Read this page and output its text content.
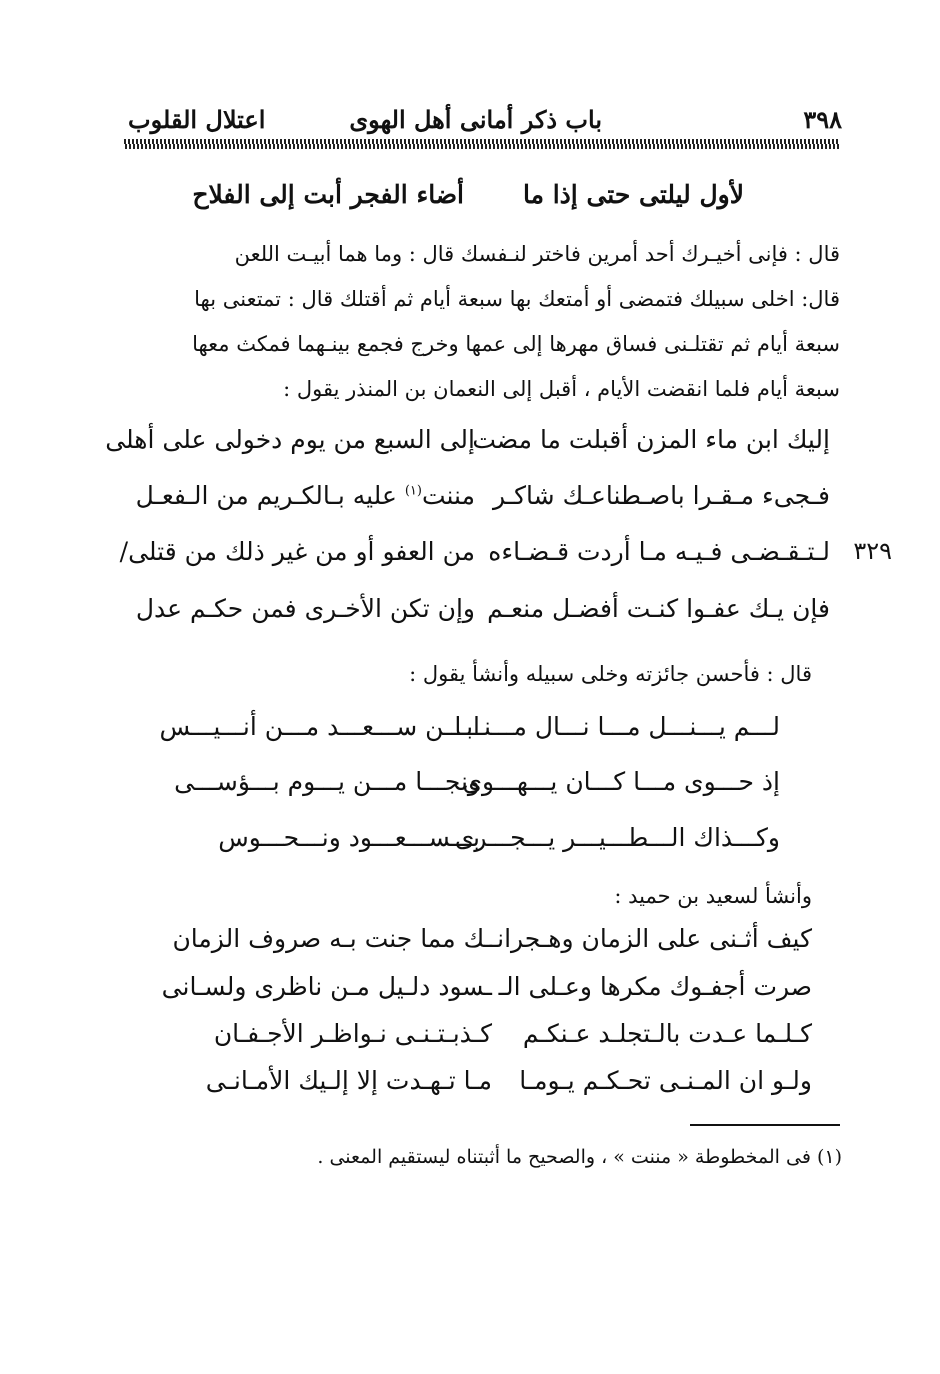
٣٩٨
باب ذكر أمانى أهل الهوى
اعتلال القلوب
لأول ليلتى حتى إذا ما
أضاء الفجر أبت إلى الفلاح

قال : فإنى أخيـرك أحد أمرين فاختر لنـفسك قال : وما هما أبيـت اللعن

قال: اخلى سبيلك فتمضى أو أمتعك بها سبعة أيام ثم أقتلك قال : تمتعنى بها

سبعة أيام ثم تقتلـنى فساق مهرها إلى عمها وخرج فجمع بينـهما فمكث معها

سبعة أيام فلما انقضت الأيام ، أقبل إلى النعمان بن المنذر يقول :

إليك ابن ماء المزن أقبلت ما مضت
إلى السبع من يوم دخولى على أهلى
فـجىء مـقـرا باصـطناعـك شاكـر
مننت$^{(١)}$ عليه بـالكـريم من الـفعـل
لـتـقـضـى فـيـه مـا أردت قـضـاءه
من العفو أو من غير ذلك من قتلى/	٣٢٩
فإن يـك عفـوا كنـت أفضـل منعـم
وإن تكن الأخـرى فمن حكـم عدل

قال : فأحسن جائزته وخلى سبيله وأنشأ يقول :

لـــم يـــنـــل مـــا نـــال مـــنـــا
ابـــن ســـعـــد مـــن أنـــيـــس
إذ حـــوى مـــا كـــان يـــهـــوى
ونجـــا مـــن يـــوم بـــؤســـى
وكـــذاك الـــطـــيـــر يـــجـــرى
بـــســـعـــود ونـــحـــوس

وأنشأ لسعيد بن حميد :

كيف أثـنى على الزمان وهـجرانـ
ـك مما جنت بـه صروف الزمان
صرت أجفـوك مكرها وعـلى الـ
ـسود دلـيل مـن ناظرى ولسـانى
كـلـما عـدت بالـتجلـد عـنكـم
كـذبـتـنـى نـواظـر الأجـفـان
ولـو ان المـنـى تحـكـم يـومـا
مـا تـهـدت إلا إلـيك الأمـانـى
(١) فى المخطوطة « مننت » ، والصحيح ما أثبتناه ليستقيم المعنى .
